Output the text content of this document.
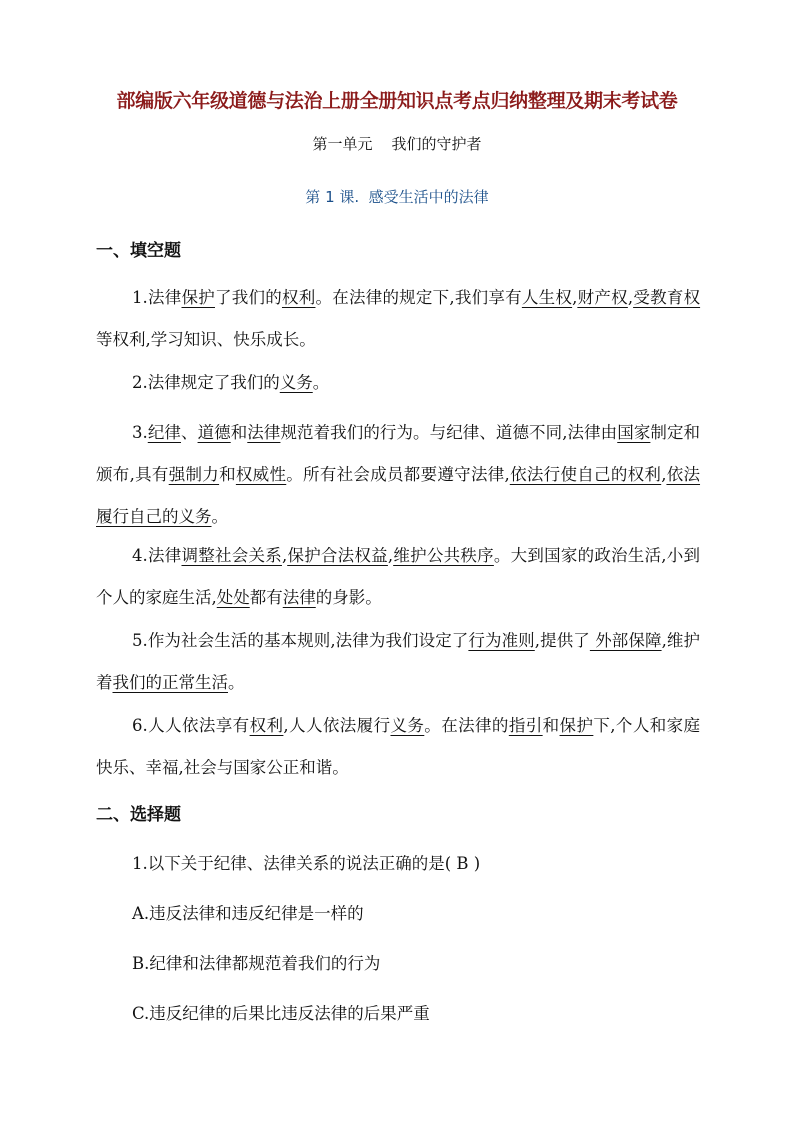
部编版六年级道德与法治上册全册知识点考点归纳整理及期末考试卷
第一单元    我们的守护者
第 1 课.  感受生活中的法律
一、填空题
1.法律保护了我们的权利。在法律的规定下,我们享有人生权,财产权,受教育权等权利,学习知识、快乐成长。
2.法律规定了我们的义务。
3.纪律、道德和法律规范着我们的行为。与纪律、道德不同,法律由国家制定和颁布,具有强制力和权威性。所有社会成员都要遵守法律,依法行使自己的权利,依法履行自己的义务。
4.法律调整社会关系,保护合法权益,维护公共秩序。大到国家的政治生活,小到个人的家庭生活,处处都有法律的身影。
5.作为社会生活的基本规则,法律为我们设定了行为准则,提供了 外部保障,维护着我们的正常生活。
6.人人依法享有权利,人人依法履行义务。在法律的指引和保护下,个人和家庭快乐、幸福,社会与国家公正和谐。
二、选择题
1.以下关于纪律、法律关系的说法正确的是( B )
A.违反法律和违反纪律是一样的
B.纪律和法律都规范着我们的行为
C.违反纪律的后果比违反法律的后果严重
